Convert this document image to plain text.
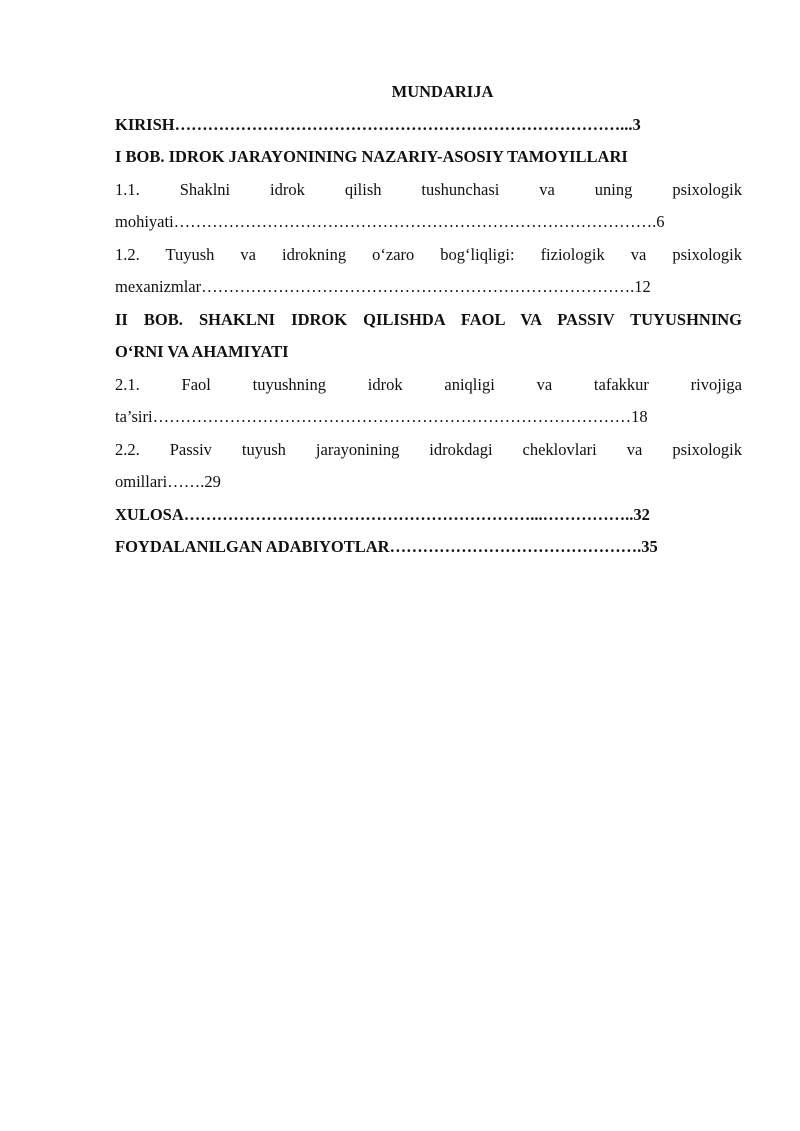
MUNDARIJA

KIRISH………………………………………………………………………...3

I BOB. IDROK JARAYONINING NAZARIY-ASOSIY TAMOYILLARI

1.1. Shaklni idrok qilish tushunchasi va uning psixologik

mohiyati…………………………………………………………………………….6

1.2. Tuyush va idrokning o‘zaro bog‘liqligi: fiziologik va psixologik

mexanizmlar…………………………………………………………………….12

II BOB. SHAKLNI IDROK QILISHDA FAOL VA PASSIV TUYUSHNING

O‘RNI VA AHAMIYATI

2.1. Faol tuyushning idrok aniqligi va tafakkur rivojiga

ta’siri……………………………………………………………………………18

2.2. Passiv tuyush jarayonining idrokdagi cheklovlari va psixologik

omillari…….29

XULOSA………………………………………………………...……………..32

FOYDALANILGAN ADABIYOTLAR……………………………………….35
